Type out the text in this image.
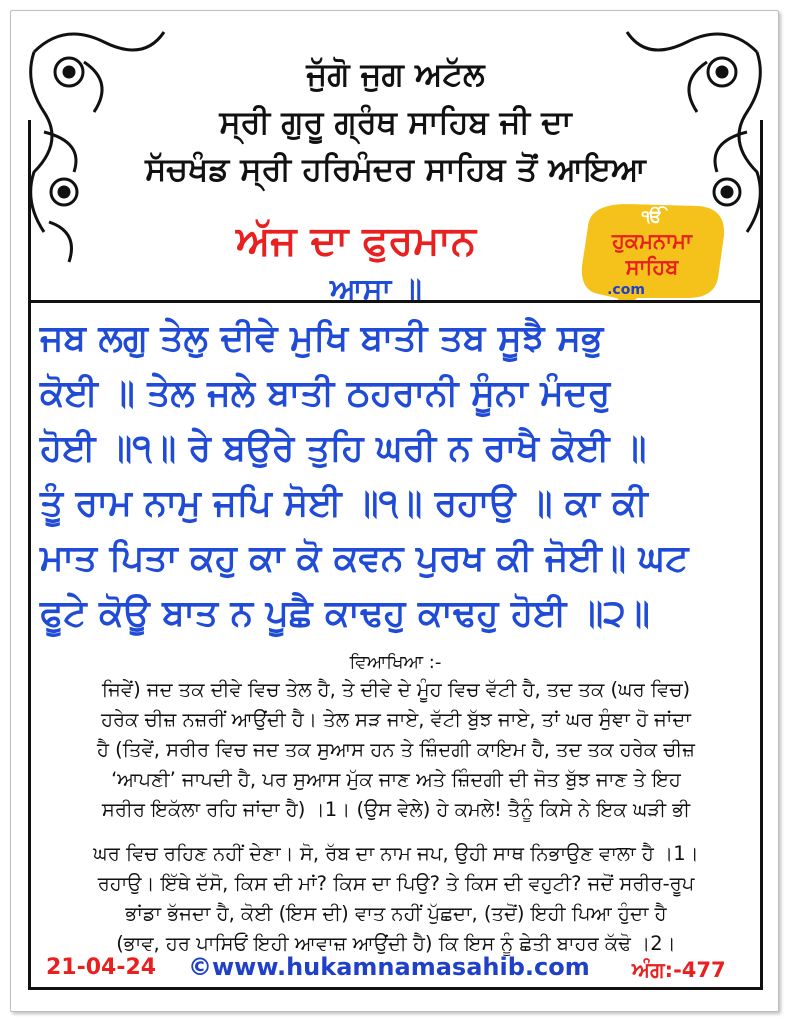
ਜੁੱਗੋ ਜੁਗ ਅਟੱਲ
ਸ੍ਰੀ ਗੁਰੂ ਗ੍ਰੰਥ ਸਾਹਿਬ ਜੀ ਦਾ
ਸੱਚਖੰਡ ਸ੍ਰੀ ਹਰਿਮੰਦਰ ਸਾਹਿਬ ਤੋਂ ਆਇਆ
ਅੱਜ ਦਾ ਫੁਰਮਾਨ
ਆਸਾ ॥
ੴ
ਹੁਕਮਨਾਮਾ
ਸਾਹਿਬ
.com
ਜਬ ਲਗੁ ਤੇਲੁ ਦੀਵੇ ਮੁਖਿ ਬਾਤੀ ਤਬ ਸੂਝੈ ਸਭੁ
ਕੋਈ ॥ ਤੇਲ ਜਲੇ ਬਾਤੀ ਠਹਰਾਨੀ ਸੂੰਨਾ ਮੰਦਰੁ
ਹੋਈ ॥੧॥ ਰੇ ਬਉਰੇ ਤੁਹਿ ਘਰੀ ਨ ਰਾਖੈ ਕੋਈ ॥
ਤੂੰ ਰਾਮ ਨਾਮੁ ਜਪਿ ਸੋਈ ॥੧॥ ਰਹਾਉ ॥ ਕਾ ਕੀ
ਮਾਤ ਪਿਤਾ ਕਹੁ ਕਾ ਕੋ ਕਵਨ ਪੁਰਖ ਕੀ ਜੋਈ॥ ਘਟ
ਫੂਟੇ ਕੋਊ ਬਾਤ ਨ ਪੂਛੈ ਕਾਢਹੁ ਕਾਢਹੁ ਹੋਈ ॥੨॥
ਵਿਆਖਿਆ :-
ਜਿਵੇਂ) ਜਦ ਤਕ ਦੀਵੇ ਵਿਚ ਤੇਲ ਹੈ, ਤੇ ਦੀਵੇ ਦੇ ਮੂੰਹ ਵਿਚ ਵੱਟੀ ਹੈ, ਤਦ ਤਕ (ਘਰ ਵਿਚ)
ਹਰੇਕ ਚੀਜ਼ ਨਜ਼ਰੀਂ ਆਉਂਦੀ ਹੈ। ਤੇਲ ਸੜ ਜਾਏ, ਵੱਟੀ ਬੁੱਝ ਜਾਏ, ਤਾਂ ਘਰ ਸੁੰਞਾ ਹੋ ਜਾਂਦਾ
ਹੈ (ਤਿਵੇਂ, ਸਰੀਰ ਵਿਚ ਜਦ ਤਕ ਸੁਆਸ ਹਨ ਤੇ ਜ਼ਿੰਦਗੀ ਕਾਇਮ ਹੈ, ਤਦ ਤਕ ਹਰੇਕ ਚੀਜ਼
‘ਆਪਣੀ’ ਜਾਪਦੀ ਹੈ, ਪਰ ਸੁਆਸ ਮੁੱਕ ਜਾਣ ਅਤੇ ਜ਼ਿੰਦਗੀ ਦੀ ਜੋਤ ਬੁੱਝ ਜਾਣ ਤੇ ਇਹ
ਸਰੀਰ ਇਕੱਲਾ ਰਹਿ ਜਾਂਦਾ ਹੈ) ।1। (ਉਸ ਵੇਲੇ) ਹੇ ਕਮਲੇ! ਤੈਨੂੰ ਕਿਸੇ ਨੇ ਇਕ ਘੜੀ ਭੀ
ਘਰ ਵਿਚ ਰਹਿਣ ਨਹੀਂ ਦੇਣਾ। ਸੋ, ਰੱਬ ਦਾ ਨਾਮ ਜਪ, ਉਹੀ ਸਾਥ ਨਿਭਾਉਣ ਵਾਲਾ ਹੈ ।1।
ਰਹਾਉ। ਇੱਥੇ ਦੱਸੋ, ਕਿਸ ਦੀ ਮਾਂ? ਕਿਸ ਦਾ ਪਿਉ? ਤੇ ਕਿਸ ਦੀ ਵਹੁਟੀ? ਜਦੋਂ ਸਰੀਰ-ਰੂਪ
ਭਾਂਡਾ ਭੱਜਦਾ ਹੈ, ਕੋਈ (ਇਸ ਦੀ) ਵਾਤ ਨਹੀਂ ਪੁੱਛਦਾ, (ਤਦੋਂ) ਇਹੀ ਪਿਆ ਹੁੰਦਾ ਹੈ
(ਭਾਵ, ਹਰ ਪਾਸਿਓਂ ਇਹੀ ਆਵਾਜ਼ ਆਉਂਦੀ ਹੈ) ਕਿ ਇਸ ਨੂੰ ਛੇਤੀ ਬਾਹਰ ਕੱਢੋ ।2।
21-04-24 ©www.hukamnamasahib.com ਅੰਗ:-477
